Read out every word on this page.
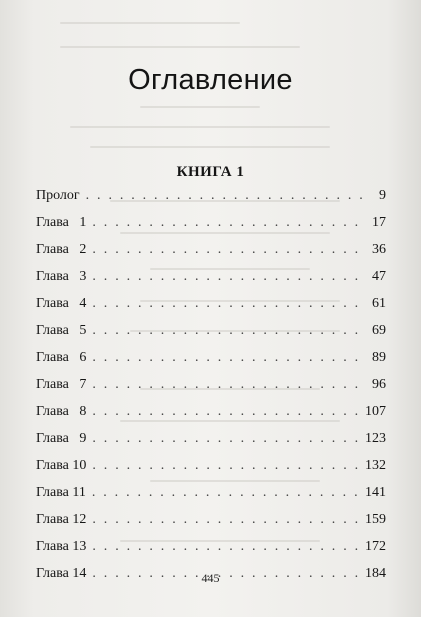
Оглавление
КНИГА 1
Пролог . . .	9
Глава   1 . . .	17
Глава   2 . . .	36
Глава   3 . . .	47
Глава   4 . . .	61
Глава   5 . . .	69
Глава   6 . . .	89
Глава   7 . . .	96
Глава   8 . . .	107
Глава   9 . . .	123
Глава 10 . . .	132
Глава 11 . . .	141
Глава 12 . . .	159
Глава 13 . . .	172
Глава 14 . . .	184
445
